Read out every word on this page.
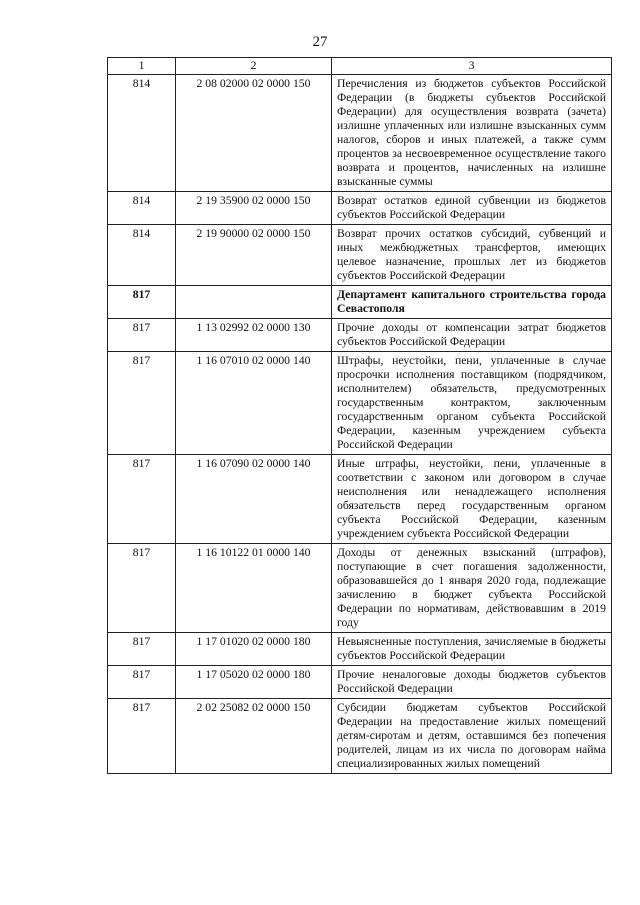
27
1	2	3
814	2 08 02000 02 0000 150	Перечисления из бюджетов субъектов Российской Федерации (в бюджеты субъектов Российской Федерации) для осуществления возврата (зачета) излишне уплаченных или излишне взысканных сумм налогов, сборов и иных платежей, а также сумм процентов за несвоевременное осуществление такого возврата и процентов, начисленных на излишне взысканные суммы
814	2 19 35900 02 0000 150	Возврат остатков единой субвенции из бюджетов субъектов Российской Федерации
814	2 19 90000 02 0000 150	Возврат прочих остатков субсидий, субвенций и иных межбюджетных трансфертов, имеющих целевое назначение, прошлых лет из бюджетов субъектов Российской Федерации
817		Департамент капитального строительства города Севастополя
817	1 13 02992 02 0000 130	Прочие доходы от компенсации затрат бюджетов субъектов Российской Федерации
817	1 16 07010 02 0000 140	Штрафы, неустойки, пени, уплаченные в случае просрочки исполнения поставщиком (подрядчиком, исполнителем) обязательств, предусмотренных государственным контрактом, заключенным государственным органом субъекта Российской Федерации, казенным учреждением субъекта Российской Федерации
817	1 16 07090 02 0000 140	Иные штрафы, неустойки, пени, уплаченные в соответствии с законом или договором в случае неисполнения или ненадлежащего исполнения обязательств перед государственным органом субъекта Российской Федерации, казенным учреждением субъекта Российской Федерации
817	1 16 10122 01 0000 140	Доходы от денежных взысканий (штрафов), поступающие в счет погашения задолженности, образовавшейся до 1 января 2020 года, подлежащие зачислению в бюджет субъекта Российской Федерации по нормативам, действовавшим в 2019 году
817	1 17 01020 02 0000 180	Невыясненные поступления, зачисляемые в бюджеты субъектов Российской Федерации
817	1 17 05020 02 0000 180	Прочие неналоговые доходы бюджетов субъектов Российской Федерации
817	2 02 25082 02 0000 150	Субсидии бюджетам субъектов Российской Федерации на предоставление жилых помещений детям-сиротам и детям, оставшимся без попечения родителей, лицам из их числа по договорам найма специализированных жилых помещений
